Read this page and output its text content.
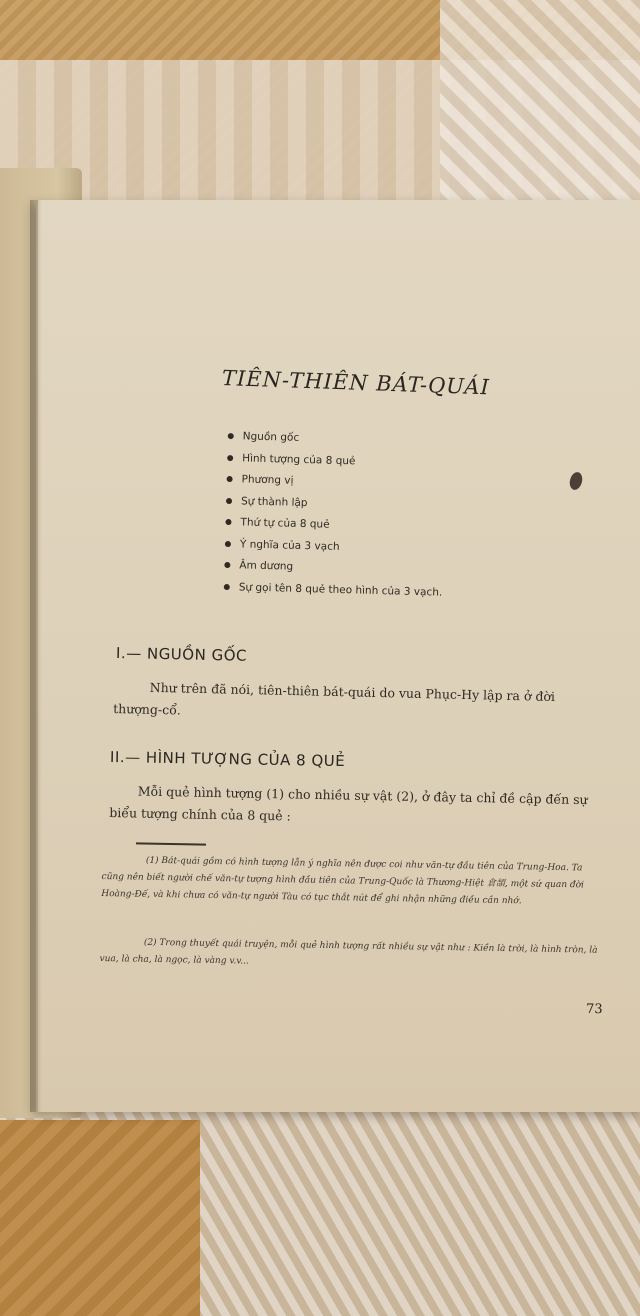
TIÊN-THIÊN BÁT-QUÁI
Nguồn gốc
Hình tượng của 8 quẻ
Phương vị
Sự thành lập
Thứ tự của 8 quẻ
Ý nghĩa của 3 vạch
Âm dương
Sự gọi tên 8 quẻ theo hình của 3 vạch.
I.— NGUỒN GỐC
Như trên đã nói, tiên-thiên bát-quái do vua Phục-Hy lập ra ở đời thượng-cổ.
II.— HÌNH TƯỢNG CỦA 8 QUẺ
Mỗi quẻ hình tượng (1) cho nhiều sự vật (2), ở đây ta chỉ đề cập đến sự biểu tượng chính của 8 quẻ :
(1) Bát-quái gồm có hình tượng lẫn ý nghĩa nên được coi như văn-tự đầu tiên của Trung-Hoa. Ta cũng nên biết người chế văn-tự tượng hình đầu tiên của Trung-Quốc là Thương-Hiệt 倉頡, một sứ quan đời Hoàng-Đế, và khi chưa có văn-tự người Tàu có tục thắt nút để ghi nhận những điều cần nhớ.
(2) Trong thuyết quái truyện, mỗi quẻ hình tượng rất nhiều sự vật như : Kiền là trời, là hình tròn, là vua, là cha, là ngọc, là vàng v.v...
73
